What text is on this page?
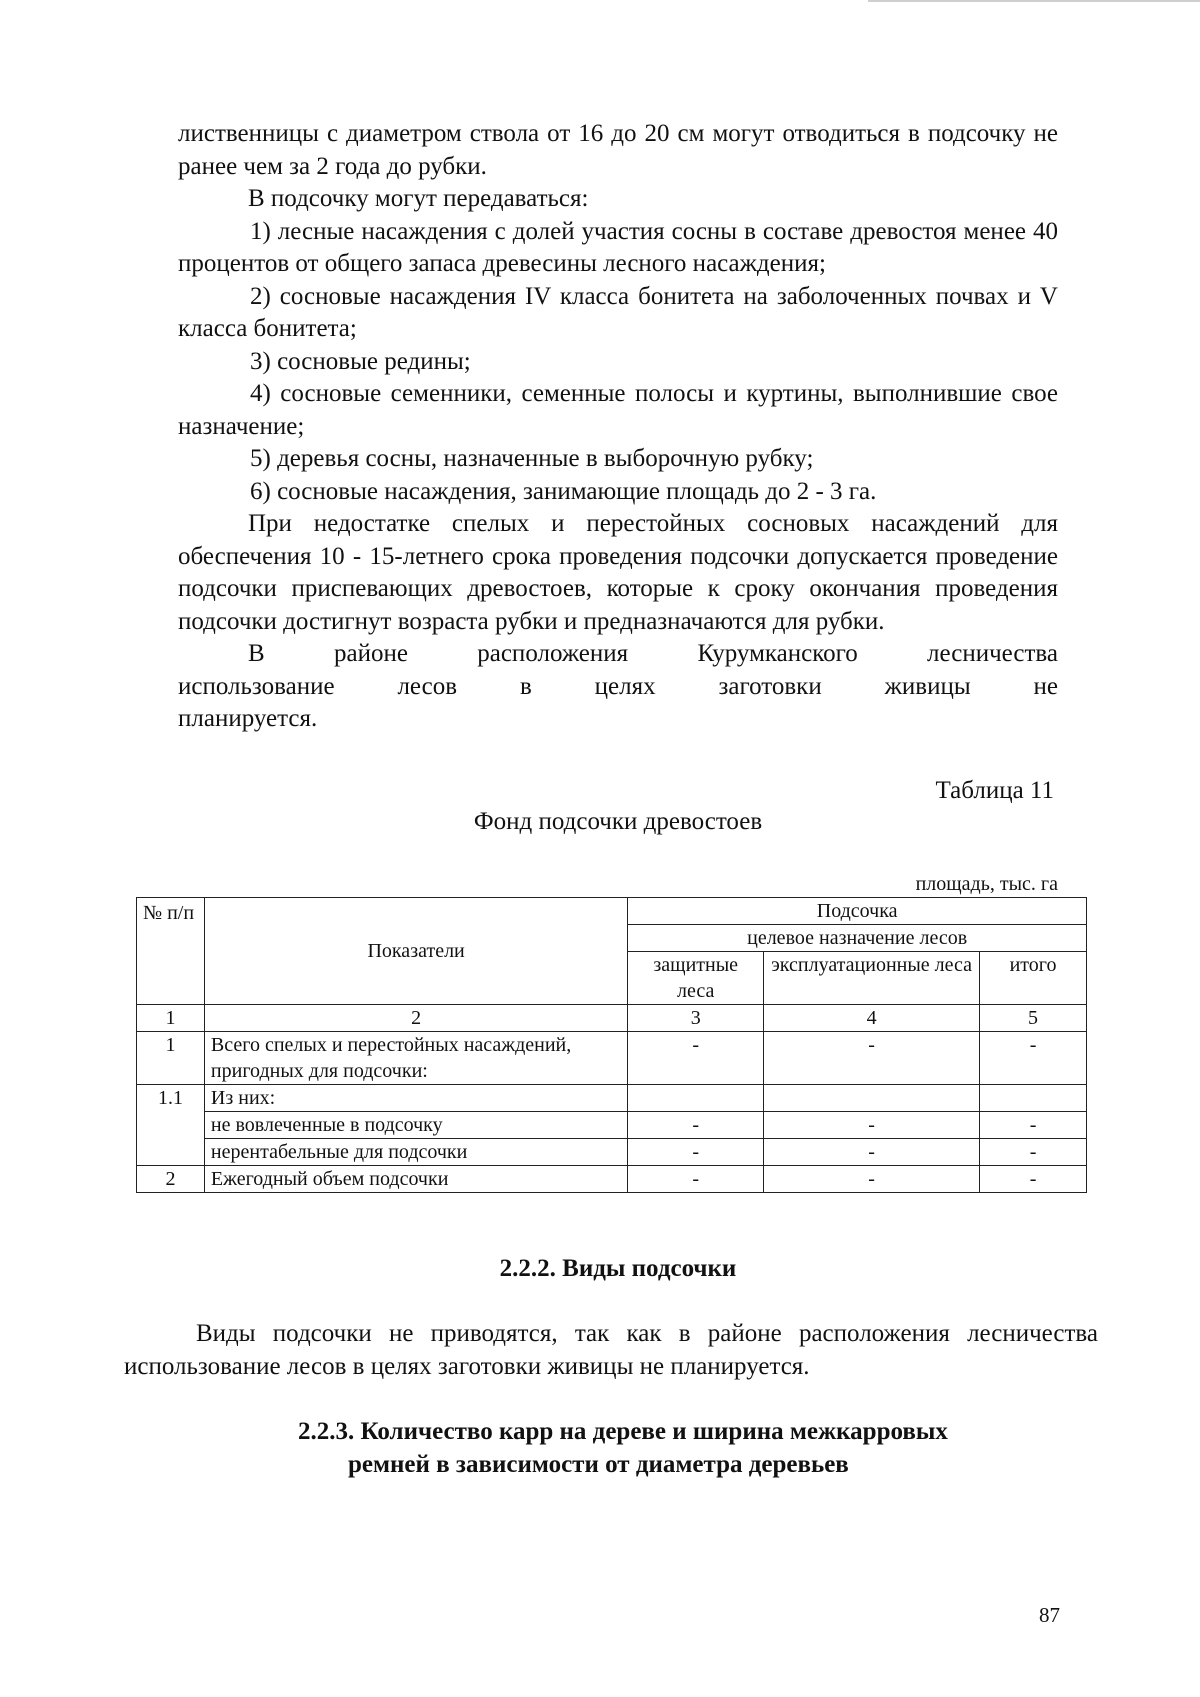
лиственницы с диаметром ствола от 16 до 20 см могут отводиться в подсочку не ранее чем за 2 года до рубки.

В подсочку могут передаваться:

1) лесные насаждения с долей участия сосны в составе древостоя менее 40 процентов от общего запаса древесины лесного насаждения;

2) сосновые насаждения IV класса бонитета на заболоченных почвах и V класса бонитета;

3) сосновые редины;

4) сосновые семенники, семенные полосы и куртины, выполнившие свое назначение;

5) деревья сосны, назначенные в выборочную рубку;

6) сосновые насаждения, занимающие площадь до 2 - 3 га.

При недостатке спелых и перестойных сосновых насаждений для обеспечения 10 - 15-летнего срока проведения подсочки допускается проведение подсочки приспевающих древостоев, которые к сроку окончания проведения подсочки достигнут возраста рубки и предназначаются для рубки.

В районе расположения Курумканского лесничества использование лесов в целях заготовки живицы не планируется.

Таблица 11
Фонд подсочки древостоев
площадь, тыс. га
№ п/п	Показатели	Подсочка		
		целевое назначение лесов		
		защитные леса	эксплуатационные леса	итого
1	2	3	4	5
1	Всего спелых и перестойных насаждений, пригодных для подсочки:	-	-	-
1.1	Из них:			
	не вовлеченные в подсочку	-	-	-
	нерентабельные для подсочки	-	-	-
2	Ежегодный объем подсочки	-	-	-
2.2.2. Виды подсочки
Виды подсочки не приводятся, так как в районе расположения лесничества использование лесов в целях заготовки живицы не планируется.
2.2.3. Количество карр на дереве и ширина межкарровых
ремней в зависимости от диаметра деревьев
87
